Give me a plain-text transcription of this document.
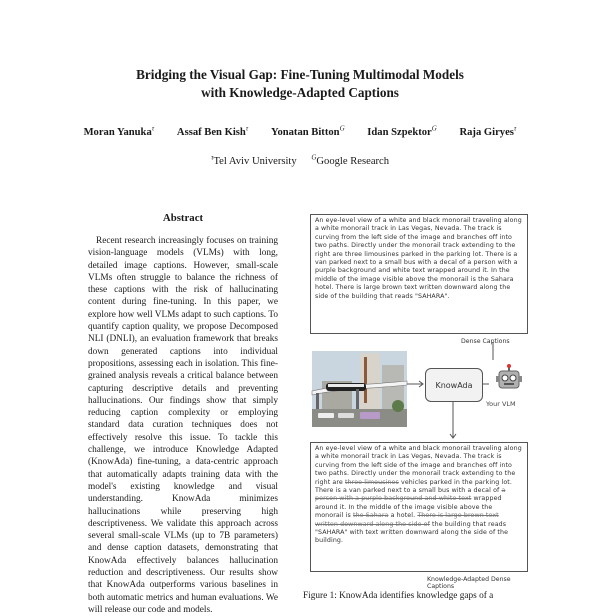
Bridging the Visual Gap: Fine-Tuning Multimodal Models
with Knowledge-Adapted Captions
Moran Yanuka$^\tau$ Assaf Ben Kish$^\tau$ Yonatan Bitton$^G$ Idan Szpektor$^G$ Raja Giryes$^\tau$
$^\tau$Tel Aviv University $^G$Google Research
Abstract
Recent research increasingly focuses on training vision-language models (VLMs) with long, detailed image captions. However, small-scale VLMs often struggle to balance the richness of these captions with the risk of hallucinating content during fine-tuning. In this paper, we explore how well VLMs adapt to such captions. To quantify caption quality, we propose Decomposed NLI (DNLI), an evaluation framework that breaks down generated captions into individual propositions, assessing each in isolation. This fine-grained analysis reveals a critical balance between capturing descriptive details and preventing hallucinations. Our findings show that simply reducing caption complexity or employing standard data curation techniques does not effectively resolve this issue. To tackle this challenge, we introduce Knowledge Adapted (KnowAda) fine-tuning, a data-centric approach that automatically adapts training data with the model's existing knowledge and visual understanding. KnowAda minimizes hallucinations while preserving high descriptiveness. We validate this approach across several small-scale VLMs (up to 7B parameters) and dense caption datasets, demonstrating that KnowAda effectively balances hallucination reduction and descriptiveness. Our results show that KnowAda outperforms various baselines in both automatic metrics and human evaluations. We will release our code and models.
An eye-level view of a white and black monorail traveling along a white monorail track in Las Vegas, Nevada. The track is curving from the left side of the image and branches off into two paths. Directly under the monorail track extending to the right are three limousines parked in the parking lot. There is a van parked next to a small bus with a decal of a person with a purple background and white text wrapped around it. In the middle of the image visible above the monorail is the Sahara hotel. There is large brown text written downward along the side of the building that reads "SAHARA".
Dense Captions
KnowAda
Your VLM
An eye-level view of a white and black monorail traveling along a white monorail track in Las Vegas, Nevada. The track is curving from the left side of the image and branches off into two paths. Directly under the monorail track extending to the right are three limousines vehicles parked in the parking lot. There is a van parked next to a small bus with a decal of a person with a purple background and white text wrapped around it. In the middle of the image visible above the monorail is the Sahara a hotel. There is large brown text written downward along the side of the building that reads "SAHARA" with text written downward along the side of the building.
Knowledge-Adapted Dense Captions
Figure 1: KnowAda identifies knowledge gaps of a
